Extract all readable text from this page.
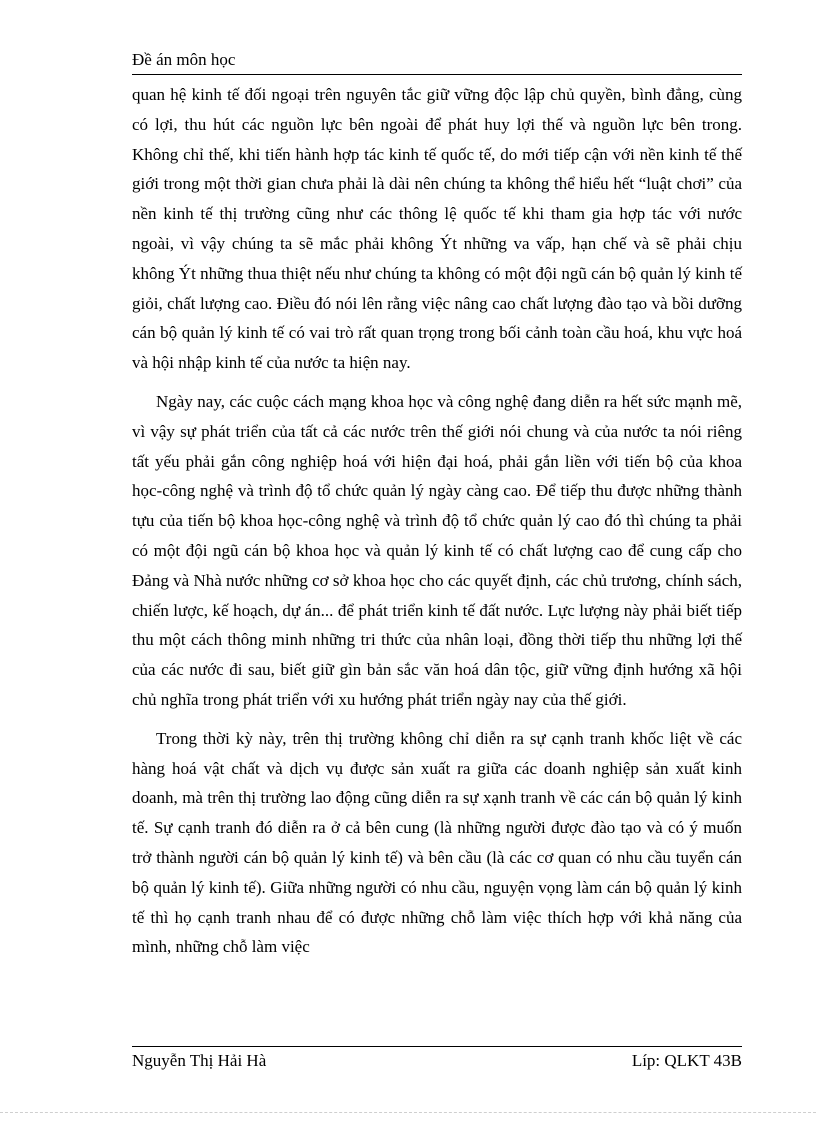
Đề án môn học

quan hệ kinh tế đối ngoại trên nguyên tắc giữ vững độc lập chủ quyền, bình đẳng, cùng có lợi, thu hút các nguồn lực bên ngoài để phát huy lợi thế và nguồn lực bên trong. Không chỉ thế, khi tiến hành hợp tác kinh tế quốc tế, do mới tiếp cận với nền kinh tế thế giới trong một thời gian chưa phải là dài nên chúng ta không thể hiểu hết “luật chơi” của nền kinh tế thị trường cũng như các thông lệ quốc tế khi tham gia hợp tác với nước ngoài, vì vậy chúng ta sẽ mắc phải không Ýt những va vấp, hạn chế và sẽ phải chịu không Ýt những thua thiệt nếu như chúng ta không có một đội ngũ cán bộ quản lý kinh tế giỏi, chất lượng cao. Điều đó nói lên rằng việc nâng cao chất lượng đào tạo và bồi dưỡng cán bộ quản lý kinh tế có vai trò rất quan trọng trong bối cảnh toàn cầu hoá, khu vực hoá và hội nhập kinh tế của nước ta hiện nay.

Ngày nay, các cuộc cách mạng khoa học và công nghệ đang diễn ra hết sức mạnh mẽ, vì vậy sự phát triển của tất cả các nước trên thế giới nói chung và của nước ta nói riêng tất yếu phải gắn công nghiệp hoá với hiện đại hoá, phải gắn liền với tiến bộ của khoa học-công nghệ và trình độ tổ chức quản lý ngày càng cao. Để tiếp thu được những thành tựu của tiến bộ khoa học-công nghệ và trình độ tổ chức quản lý cao đó thì chúng ta phải có một đội ngũ cán bộ khoa học và quản lý kinh tế có chất lượng cao để cung cấp cho Đảng và Nhà nước những cơ sở khoa học cho các quyết định, các chủ trương, chính sách, chiến lược, kế hoạch, dự án... để phát triển kinh tế đất nước. Lực lượng này phải biết tiếp thu một cách thông minh những tri thức của nhân loại, đồng thời tiếp thu những lợi thế của các nước đi sau, biết giữ gìn bản sắc văn hoá dân tộc, giữ vững định hướng xã hội chủ nghĩa trong phát triển với xu hướng phát triển ngày nay của thế giới.

Trong thời kỳ này, trên thị trường không chỉ diễn ra sự cạnh tranh khốc liệt về các hàng hoá vật chất và dịch vụ được sản xuất ra giữa các doanh nghiệp sản xuất kinh doanh, mà trên thị trường lao động cũng diễn ra sự xạnh tranh về các cán bộ quản lý kinh tế. Sự cạnh tranh đó diễn ra ở cả bên cung (là những người được đào tạo và có ý muốn trở thành người cán bộ quản lý kinh tế) và bên cầu (là các cơ quan có nhu cầu tuyển cán bộ quản lý kinh tế). Giữa những người có nhu cầu, nguyện vọng làm cán bộ quản lý kinh tế thì họ cạnh tranh nhau để có được những chỗ làm việc thích hợp với khả năng của mình, những chỗ làm việc

Nguyễn Thị Hải Hà	Líp: QLKT 43B
